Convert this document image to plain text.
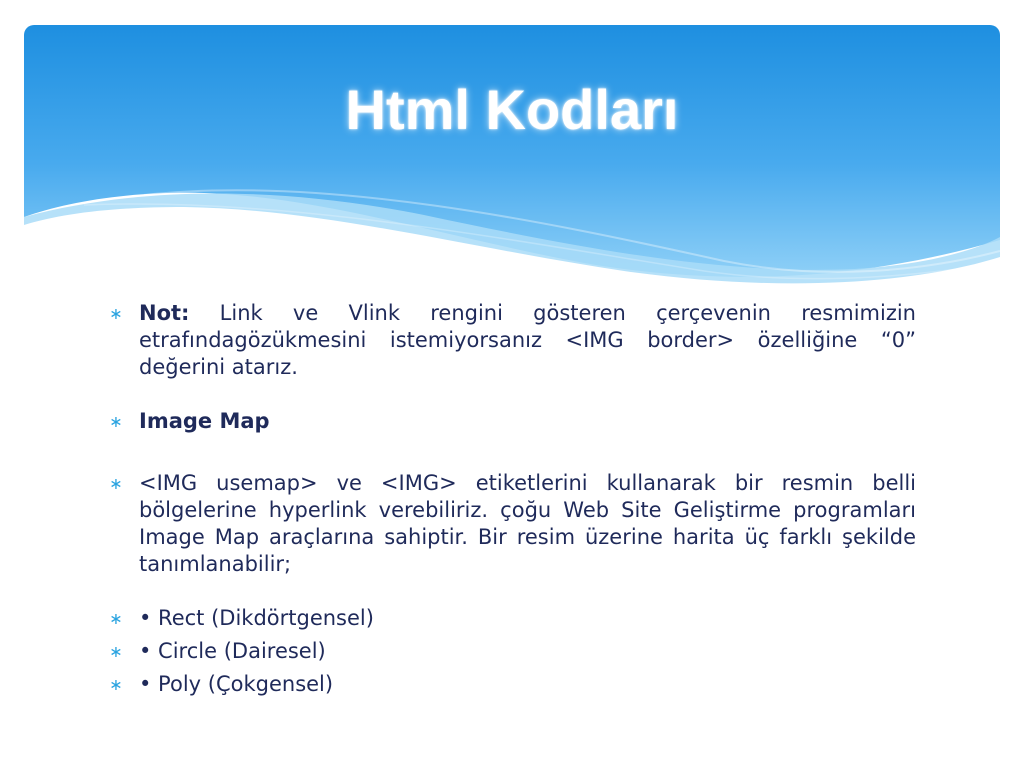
Html Kodları
∗ Not: Link ve Vlink rengini gösteren çerçevenin resmimizin etrafındagözükmesini istemiyorsanız <IMG border> özelliğine “0” değerini atarız.

∗ Image Map

∗ <IMG usemap> ve <IMG> etiketlerini kullanarak bir resmin belli bölgelerine hyperlink verebiliriz. çoğu Web Site Geliştirme programları Image Map araçlarına sahiptir. Bir resim üzerine harita üç farklı şekilde tanımlanabilir;

∗ • Rect (Dikdörtgensel)

∗ • Circle (Dairesel)

∗ • Poly (Çokgensel)
